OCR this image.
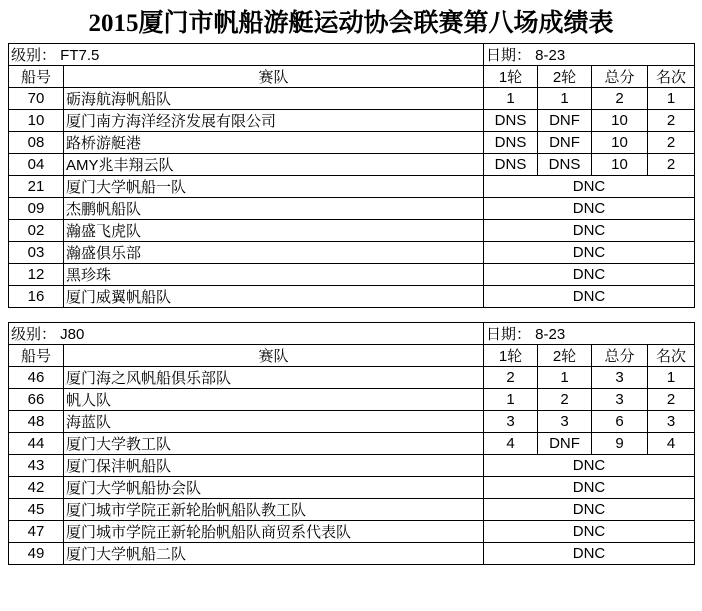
2015厦门市帆船游艇运动协会联赛第八场成绩表
级别： FT7.5		日期： 8-23			
船号	赛队	1轮	2轮	总分	名次
70	砺海航海帆船队	1	1	2	1
10	厦门南方海洋经济发展有限公司	DNS	DNF	10	2
08	路桥游艇港	DNS	DNF	10	2
04	AMY兆丰翔云队	DNS	DNS	10	2
21	厦门大学帆船一队	DNC			
09	杰鹏帆船队	DNC			
02	瀚盛飞虎队	DNC			
03	瀚盛俱乐部	DNC			
12	黑珍珠	DNC			
16	厦门威翼帆船队	DNC			
级别： J80		日期： 8-23			
船号	赛队	1轮	2轮	总分	名次
46	厦门海之风帆船俱乐部队	2	1	3	1
66	帆人队	1	2	3	2
48	海蓝队	3	3	6	3
44	厦门大学教工队	4	DNF	9	4
43	厦门保沣帆船队	DNC			
42	厦门大学帆船协会队	DNC			
45	厦门城市学院正新轮胎帆船队教工队	DNC			
47	厦门城市学院正新轮胎帆船队商贸系代表队	DNC			
49	厦门大学帆船二队	DNC			
